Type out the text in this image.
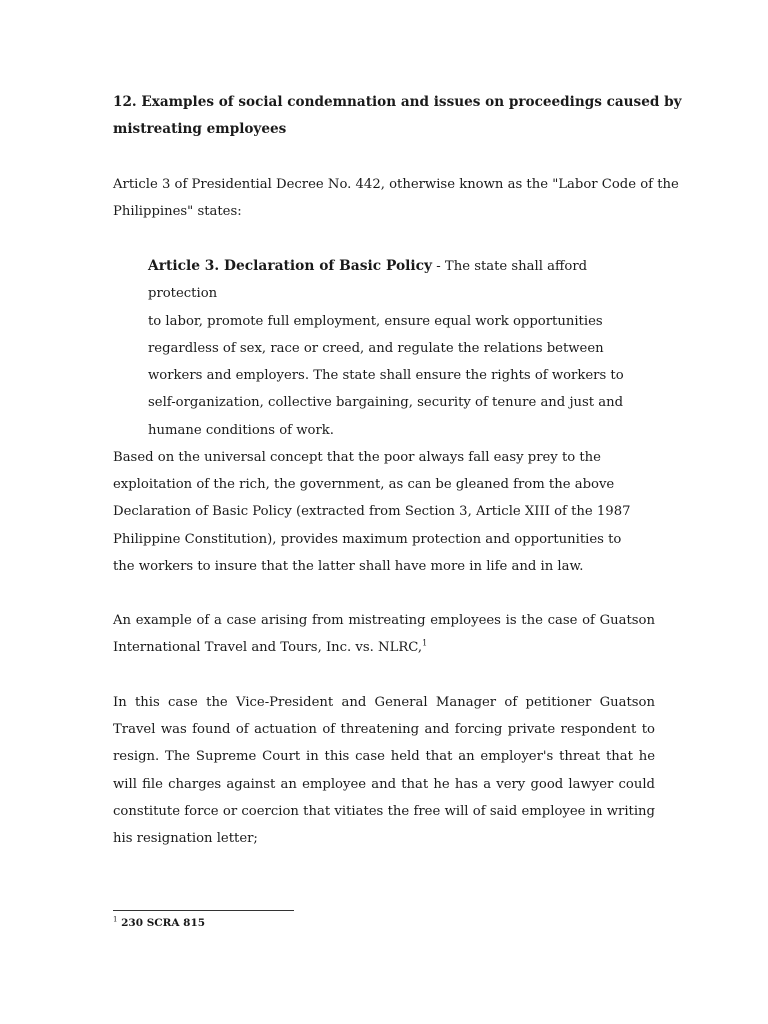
12. Examples of social condemnation and issues on proceedings caused by
mistreating employees
Article 3 of Presidential Decree No. 442, otherwise known as the "Labor Code of the
Philippines" states:
Article 3. Declaration of Basic Policy - The state shall afford protection
to labor, promote full employment, ensure equal work opportunities
regardless of sex, race or creed, and regulate the relations between
workers and employers. The state shall ensure the rights of workers to
self-organization, collective bargaining, security of tenure and just and
humane conditions of work.
Based on the universal concept that the poor always fall easy prey to the
exploitation of the rich, the government, as can be gleaned from the above
Declaration of Basic Policy (extracted from Section 3, Article XIII of the 1987
Philippine Constitution), provides maximum protection and opportunities to
the workers to insure that the latter shall have more in life and in law.
An example of a case arising from mistreating employees is the case of Guatson International Travel and Tours, Inc. vs. NLRC,$^1$
In this case the Vice-President and General Manager of petitioner Guatson Travel was found of actuation of threatening and forcing private respondent to resign. The Supreme Court in this case held that an employer's threat that he will file charges against an employee and that he has a very good lawyer could constitute force or coercion that vitiates the free will of said employee in writing his resignation letter;
$^1$ 230 SCRA 815
